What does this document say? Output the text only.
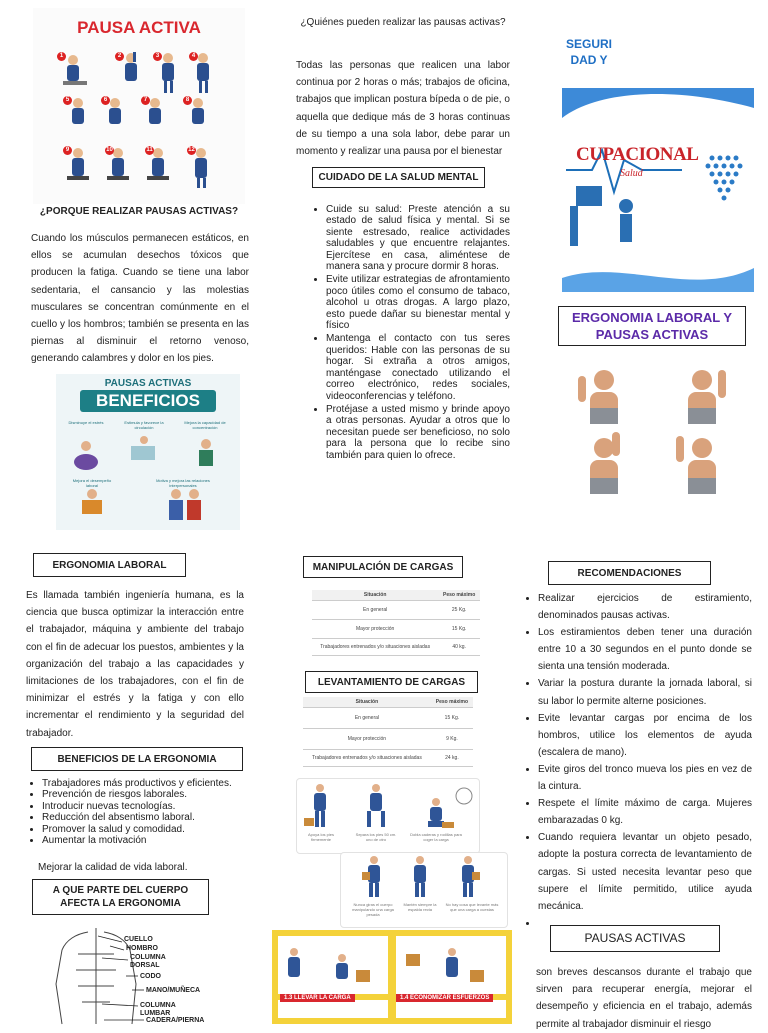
PAUSA ACTIVA
1	2	3	4
5	6	7	8
9	10	11	12
¿PORQUE REALIZAR PAUSAS ACTIVAS?
Cuando los músculos permanecen estáticos, en ellos se acumulan desechos tóxicos que producen la fatiga. Cuando se tiene una labor sedentaria, el cansancio y las molestias musculares se concentran comúnmente en el cuello y los hombros; también se presenta en las piernas al disminuir el retorno venoso, generando calambres y dolor en los pies.
PAUSAS ACTIVAS
BENEFICIOS
Disminuye el estrés	Estimula y favorece la circulación
Mejora la capacidad de concentración
Mejora el desempeño laboral
Motiva y mejora las relaciones interpersonales
¿Quiénes pueden realizar las pausas activas?
Todas las personas que realicen una labor continua por 2 horas o más; trabajos de oficina, trabajos que implican postura bípeda o de pie, o aquella que dedique más de 3 horas continuas de su tiempo a una sola labor, debe parar un momento y realizar una pausa por el bienestar
CUIDADO DE LA SALUD MENTAL
• Cuide su salud: Preste atención a su estado de salud física y mental. Si se siente estresado, realice actividades saludables y que encuentre relajantes. Ejercítese en casa, aliméntese de manera sana y procure dormir 8 horas.
• Evite utilizar estrategias de afrontamiento poco útiles como el consumo de tabaco, alcohol u otras drogas. A largo plazo, esto puede dañar su bienestar mental y físico
• Mantenga el contacto con tus seres queridos: Hable con las personas de su hogar. Si extraña a otros amigos, manténgase conectado utilizando el correo electrónico, redes sociales, videoconferencias y teléfono.
• Protéjase a usted mismo y brinde apoyo a otras personas. Ayudar a otros que lo necesitan puede ser beneficioso, no solo para la persona que lo recibe sino también para quien lo ofrece.
SEGURI DAD Y
CUPACIONAL
Salud
ERGONOMIA LABORAL Y PAUSAS ACTIVAS
ERGONOMIA LABORAL
Es llamada también ingeniería humana, es la ciencia que busca optimizar la interacción entre el trabajador, máquina y ambiente del trabajo con el fin de adecuar los puestos, ambientes y la organización del trabajo a las capacidades y limitaciones de los trabajadores, con el fin de minimizar el estrés y la fatiga y con ello incrementar el rendimiento y la seguridad del trabajador.
BENEFICIOS DE LA ERGONOMIA
• Trabajadores más productivos y eficientes.
• Prevención de riesgos laborales.
• Introducir nuevas tecnologías.
• Reducción del absentismo laboral.
• Promover la salud y comodidad.
• Aumentar la motivación
Mejorar la calidad de vida laboral.
A QUE PARTE DEL CUERPO AFECTA LA ERGONOMIA
CUELLO
HOMBRO
COLUMNA DORSAL
CODO
MANO/MUÑECA
COLUMNA LUMBAR
CADERA/PIERNA
MANIPULACIÓN DE CARGAS
Situación	Peso máximo
En general	25 Kg.
Mayor protección	15 Kg.
Trabajadores entrenados y/o situaciones aisladas	40 kg.
LEVANTAMIENTO DE CARGAS
Situación	Peso máximo
En general	15 Kg.
Mayor protección	9 Kg.
Trabajadores entrenados y/o situaciones aisladas	24 kg.
Apoya los pies firmemente
Separa los pies 50 cm. uno de otro
Dobla caderas y rodillas para coger la carga
Nunca giras el cuerpo manipulando una carga pesada
Mantén siempre la espalda recta
No hay cosa que levante más que una carga a cuestas
1.3 LLEVAR LA CARGA	1.4 ECONOMIZAR ESFUERZOS
RECOMENDACIONES
• Realizar ejercicios de estiramiento, denominados pausas activas.
• Los estiramientos deben tener una duración entre 10 a 30 segundos en el punto donde se sienta una tensión moderada.
• Variar la postura durante la jornada laboral, si su labor lo permite alterne posiciones.
• Evite levantar cargas por encima de los hombros, utilice los elementos de ayuda (escalera de mano).
• Evite giros del tronco mueva los pies en vez de la cintura.
• Respete el límite máximo de carga. Mujeres embarazadas 0 kg.
• Cuando requiera levantar un objeto pesado, adopte la postura correcta de levantamiento de cargas. Si usted necesita levantar peso que supere el límite permitido, utilice ayuda mecánica.
•
PAUSAS ACTIVAS
son breves descansos durante el trabajo que sirven para recuperar energía, mejorar el desempeño y eficiencia en el trabajo, además permite al trabajador disminuir el riesgo
